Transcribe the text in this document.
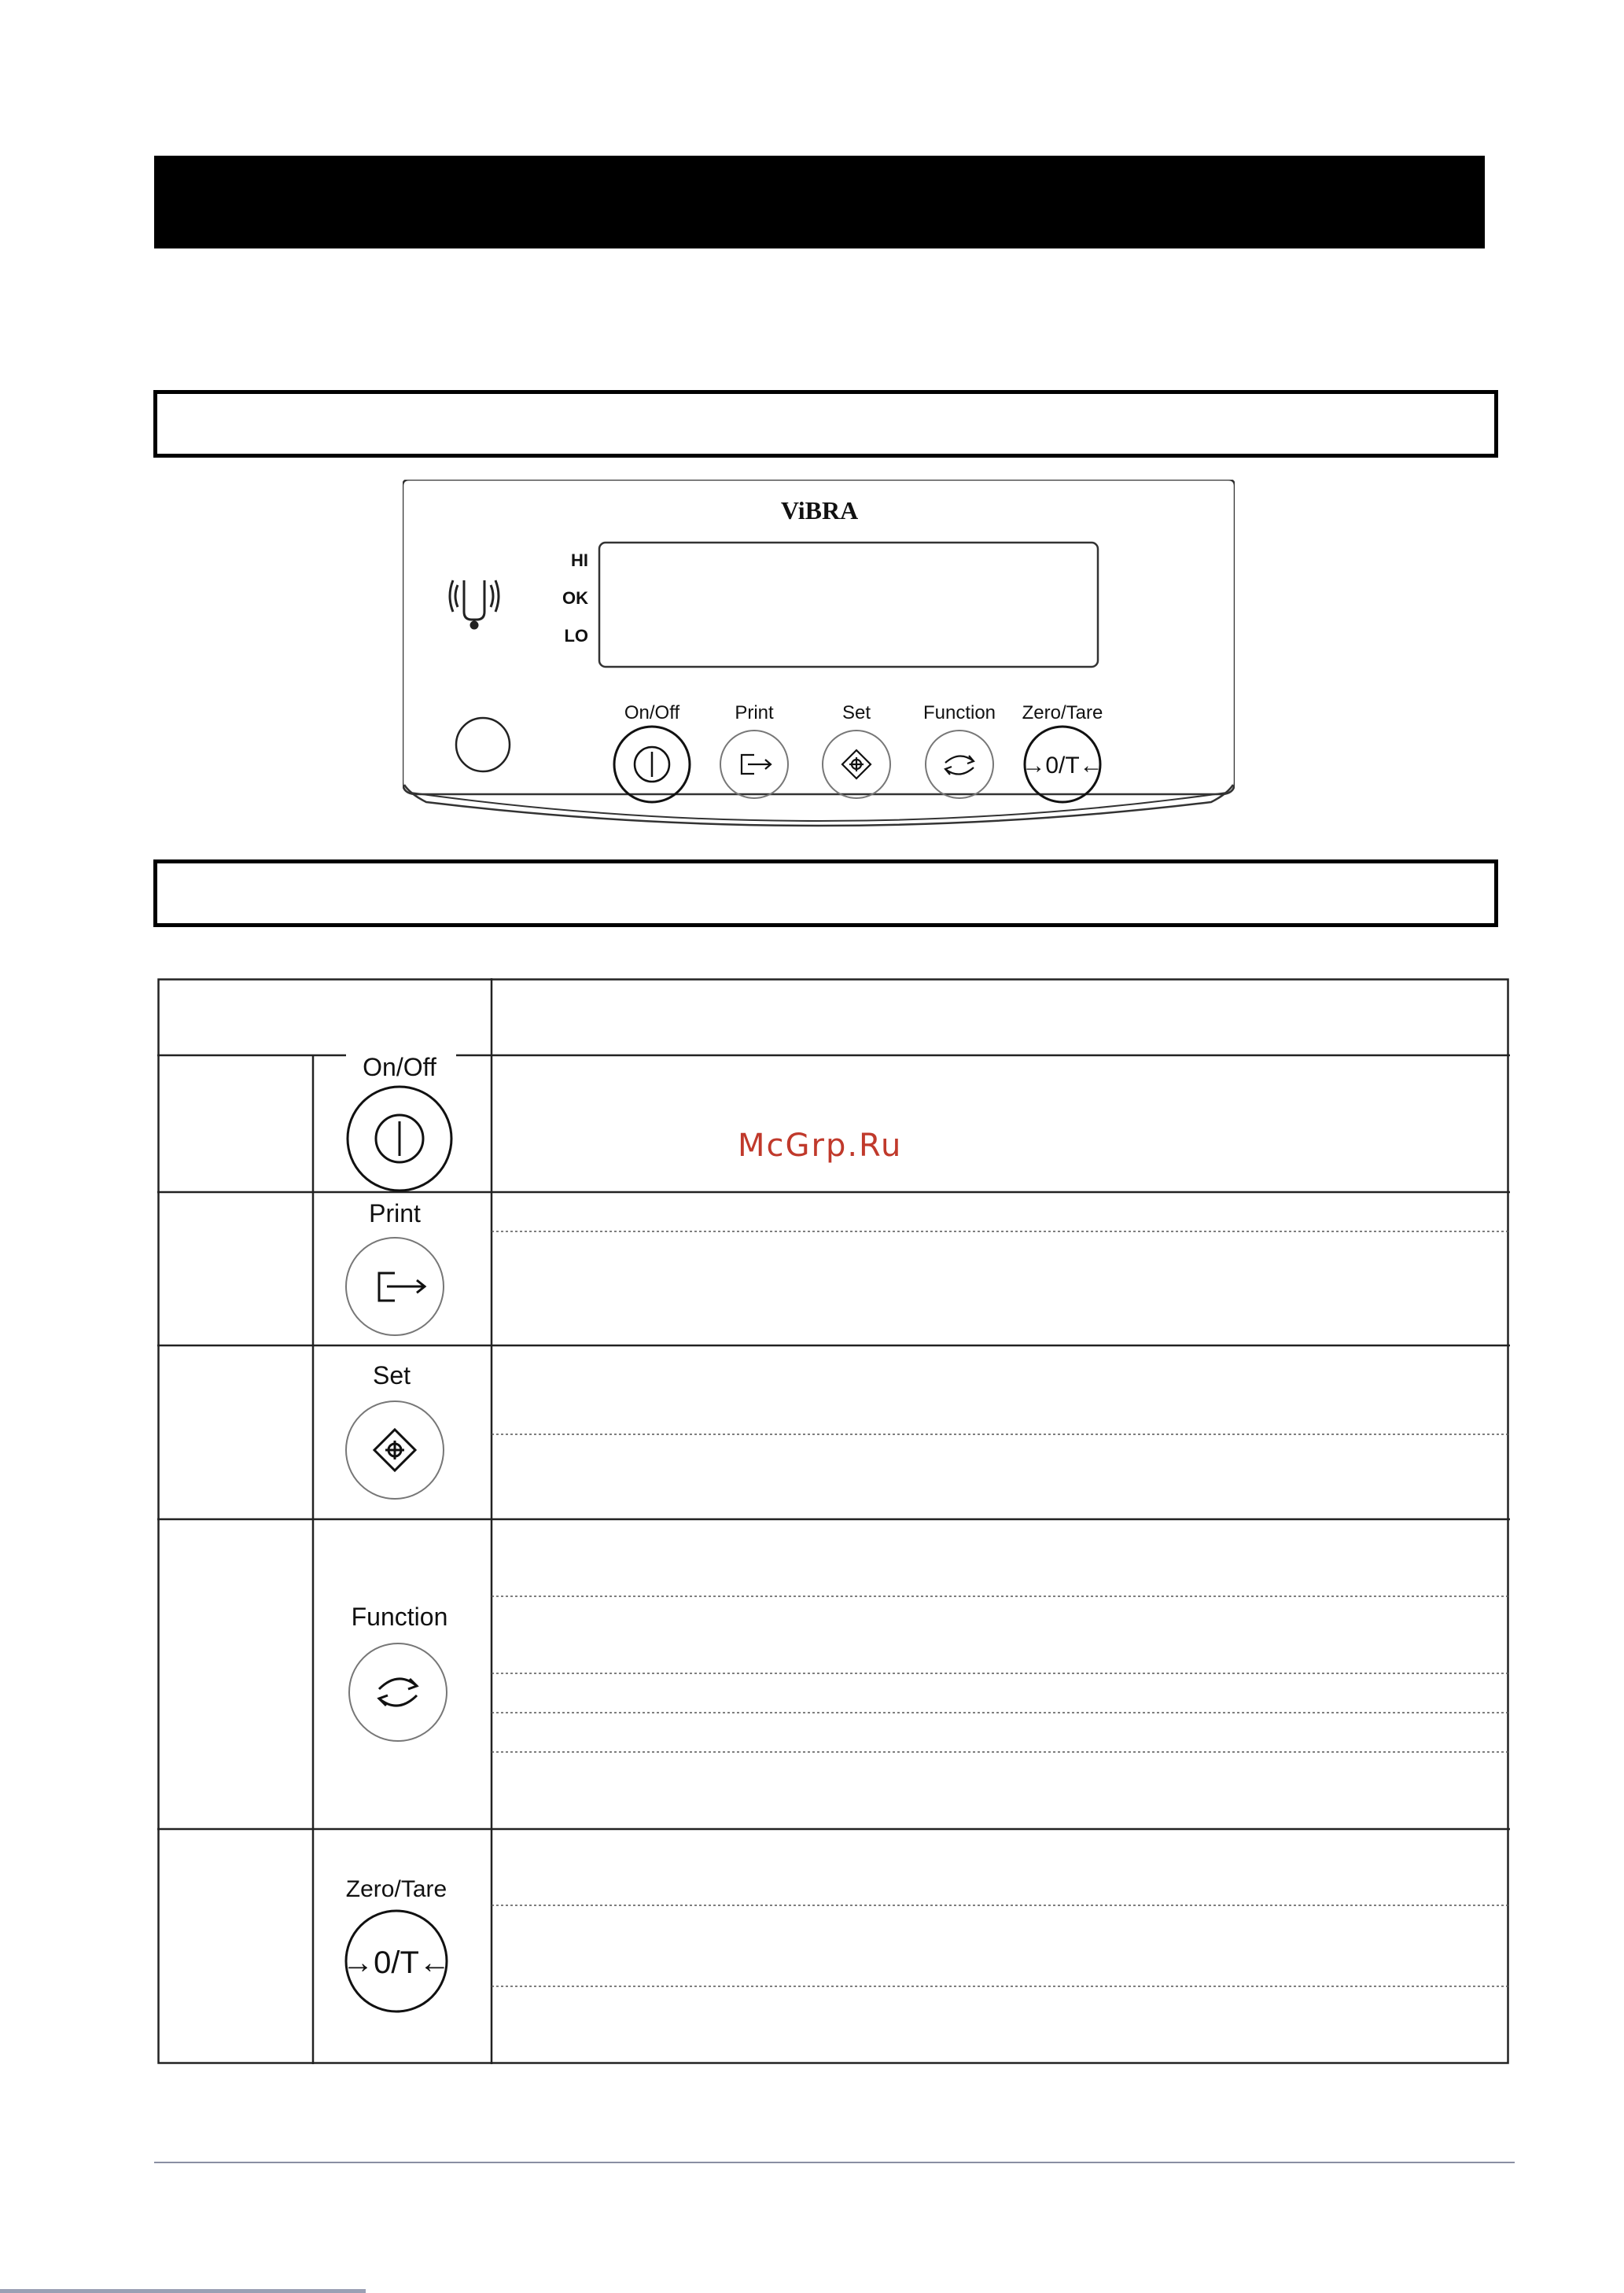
ViBRA
HI
OK
LO
On/Off	Print	Set	Function Zero/Tare
→0/T←
On/Off
Print
Set
Function
Zero/Tare
→0/T←
McGrp.Ru
